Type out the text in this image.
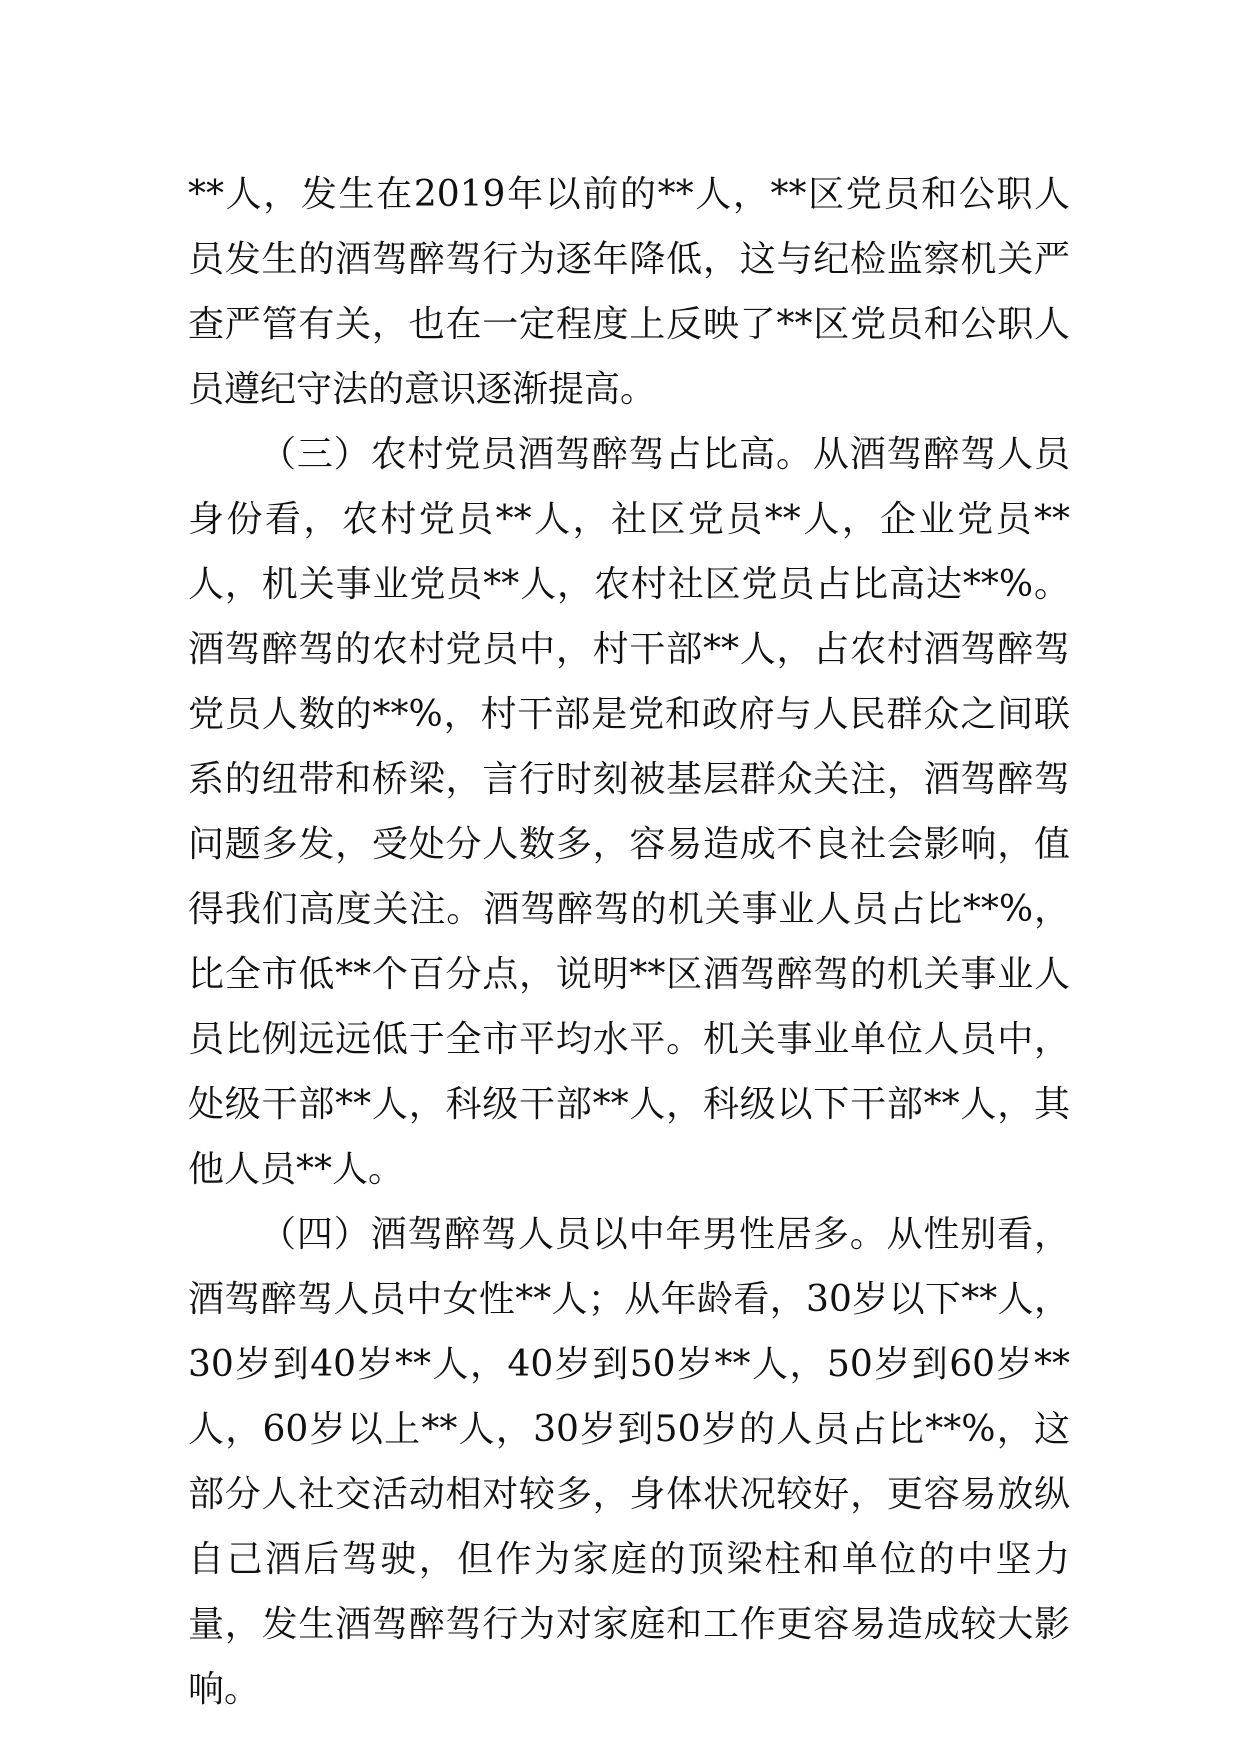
**人，发生在2019年以前的**人，**区党员和公职人员发生的酒驾醉驾行为逐年降低，这与纪检监察机关严查严管有关，也在一定程度上反映了**区党员和公职人员遵纪守法的意识逐渐提高。

（三）农村党员酒驾醉驾占比高。从酒驾醉驾人员身份看，农村党员**人，社区党员**人，企业党员**人，机关事业党员**人，农村社区党员占比高达**%。酒驾醉驾的农村党员中，村干部**人，占农村酒驾醉驾党员人数的**%，村干部是党和政府与人民群众之间联系的纽带和桥梁，言行时刻被基层群众关注，酒驾醉驾问题多发，受处分人数多，容易造成不良社会影响，值得我们高度关注。酒驾醉驾的机关事业人员占比**%，比全市低**个百分点，说明**区酒驾醉驾的机关事业人员比例远远低于全市平均水平。机关事业单位人员中，处级干部**人，科级干部**人，科级以下干部**人，其他人员**人。

（四）酒驾醉驾人员以中年男性居多。从性别看，酒驾醉驾人员中女性**人；从年龄看，30岁以下**人，30岁到40岁**人，40岁到50岁**人，50岁到60岁**人，60岁以上**人，30岁到50岁的人员占比**%，这部分人社交活动相对较多，身体状况较好，更容易放纵自己酒后驾驶，但作为家庭的顶梁柱和单位的中坚力量，发生酒驾醉驾行为对家庭和工作更容易造成较大影响。
